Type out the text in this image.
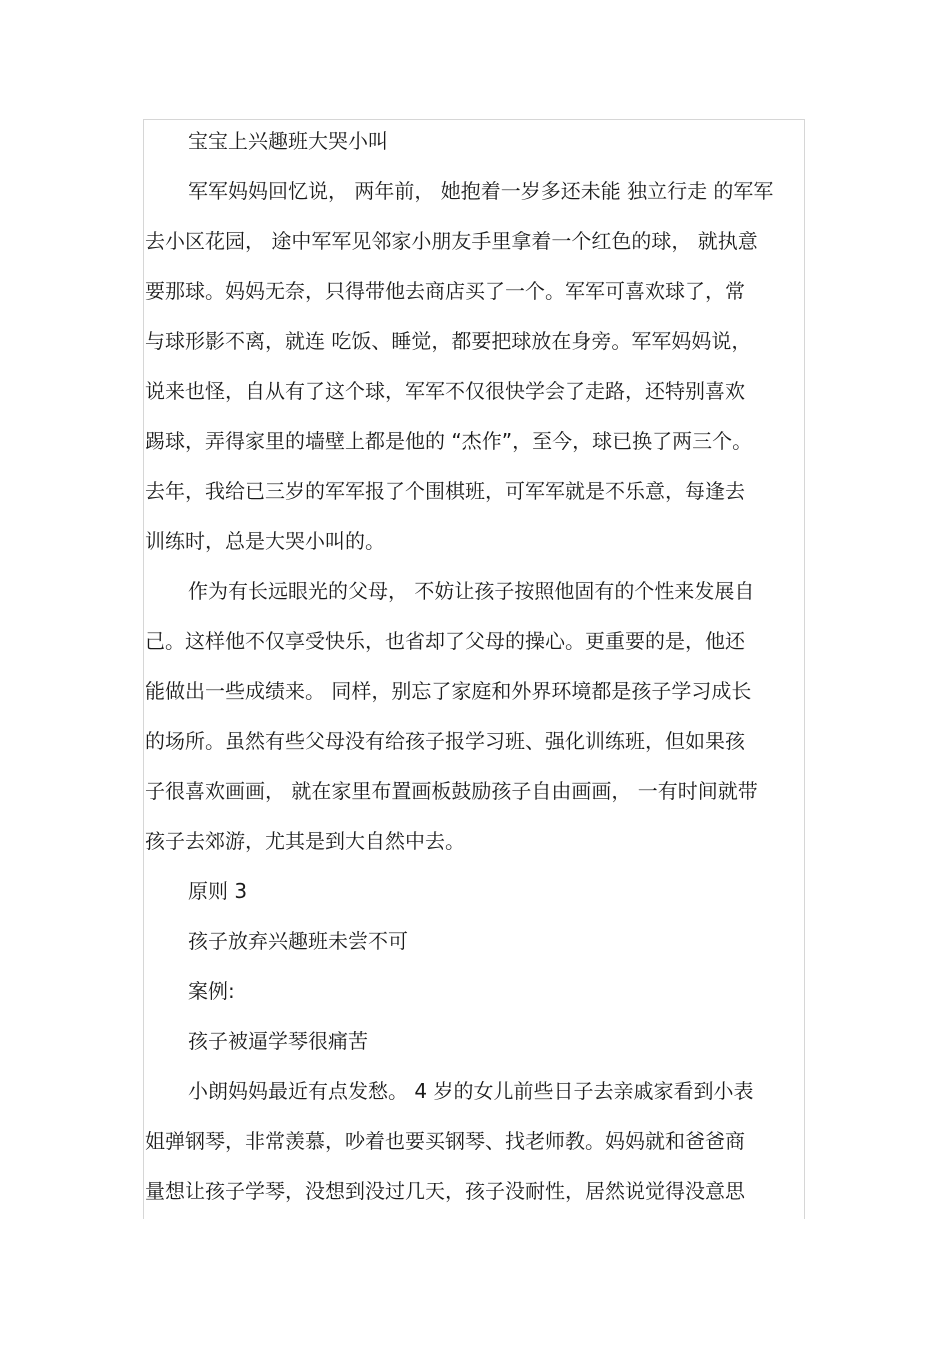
宝宝上兴趣班大哭小叫
军军妈妈回忆说， 两年前， 她抱着一岁多还未能 独立行走 的军军
去小区花园， 途中军军见邻家小朋友手里拿着一个红色的球， 就执意
要那球。妈妈无奈，只得带他去商店买了一个。军军可喜欢球了，常
与球形影不离，就连 吃饭、睡觉，都要把球放在身旁。军军妈妈说，
说来也怪，自从有了这个球，军军不仅很快学会了走路，还特别喜欢
踢球，弄得家里的墙壁上都是他的 “杰作”，至今，球已换了两三个。
去年，我给已三岁的军军报了个围棋班，可军军就是不乐意，每逢去
训练时，总是大哭小叫的。
作为有长远眼光的父母， 不妨让孩子按照他固有的个性来发展自
己。这样他不仅享受快乐，也省却了父母的操心。更重要的是，他还
能做出一些成绩来。 同样，别忘了家庭和外界环境都是孩子学习成长
的场所。虽然有些父母没有给孩子报学习班、强化训练班，但如果孩
子很喜欢画画， 就在家里布置画板鼓励孩子自由画画， 一有时间就带
孩子去郊游，尤其是到大自然中去。
原则 3
孩子放弃兴趣班未尝不可
案例:
孩子被逼学琴很痛苦
小朗妈妈最近有点发愁。 4 岁的女儿前些日子去亲戚家看到小表
姐弹钢琴，非常羡慕，吵着也要买钢琴、找老师教。妈妈就和爸爸商
量想让孩子学琴，没想到没过几天，孩子没耐性，居然说觉得没意思
